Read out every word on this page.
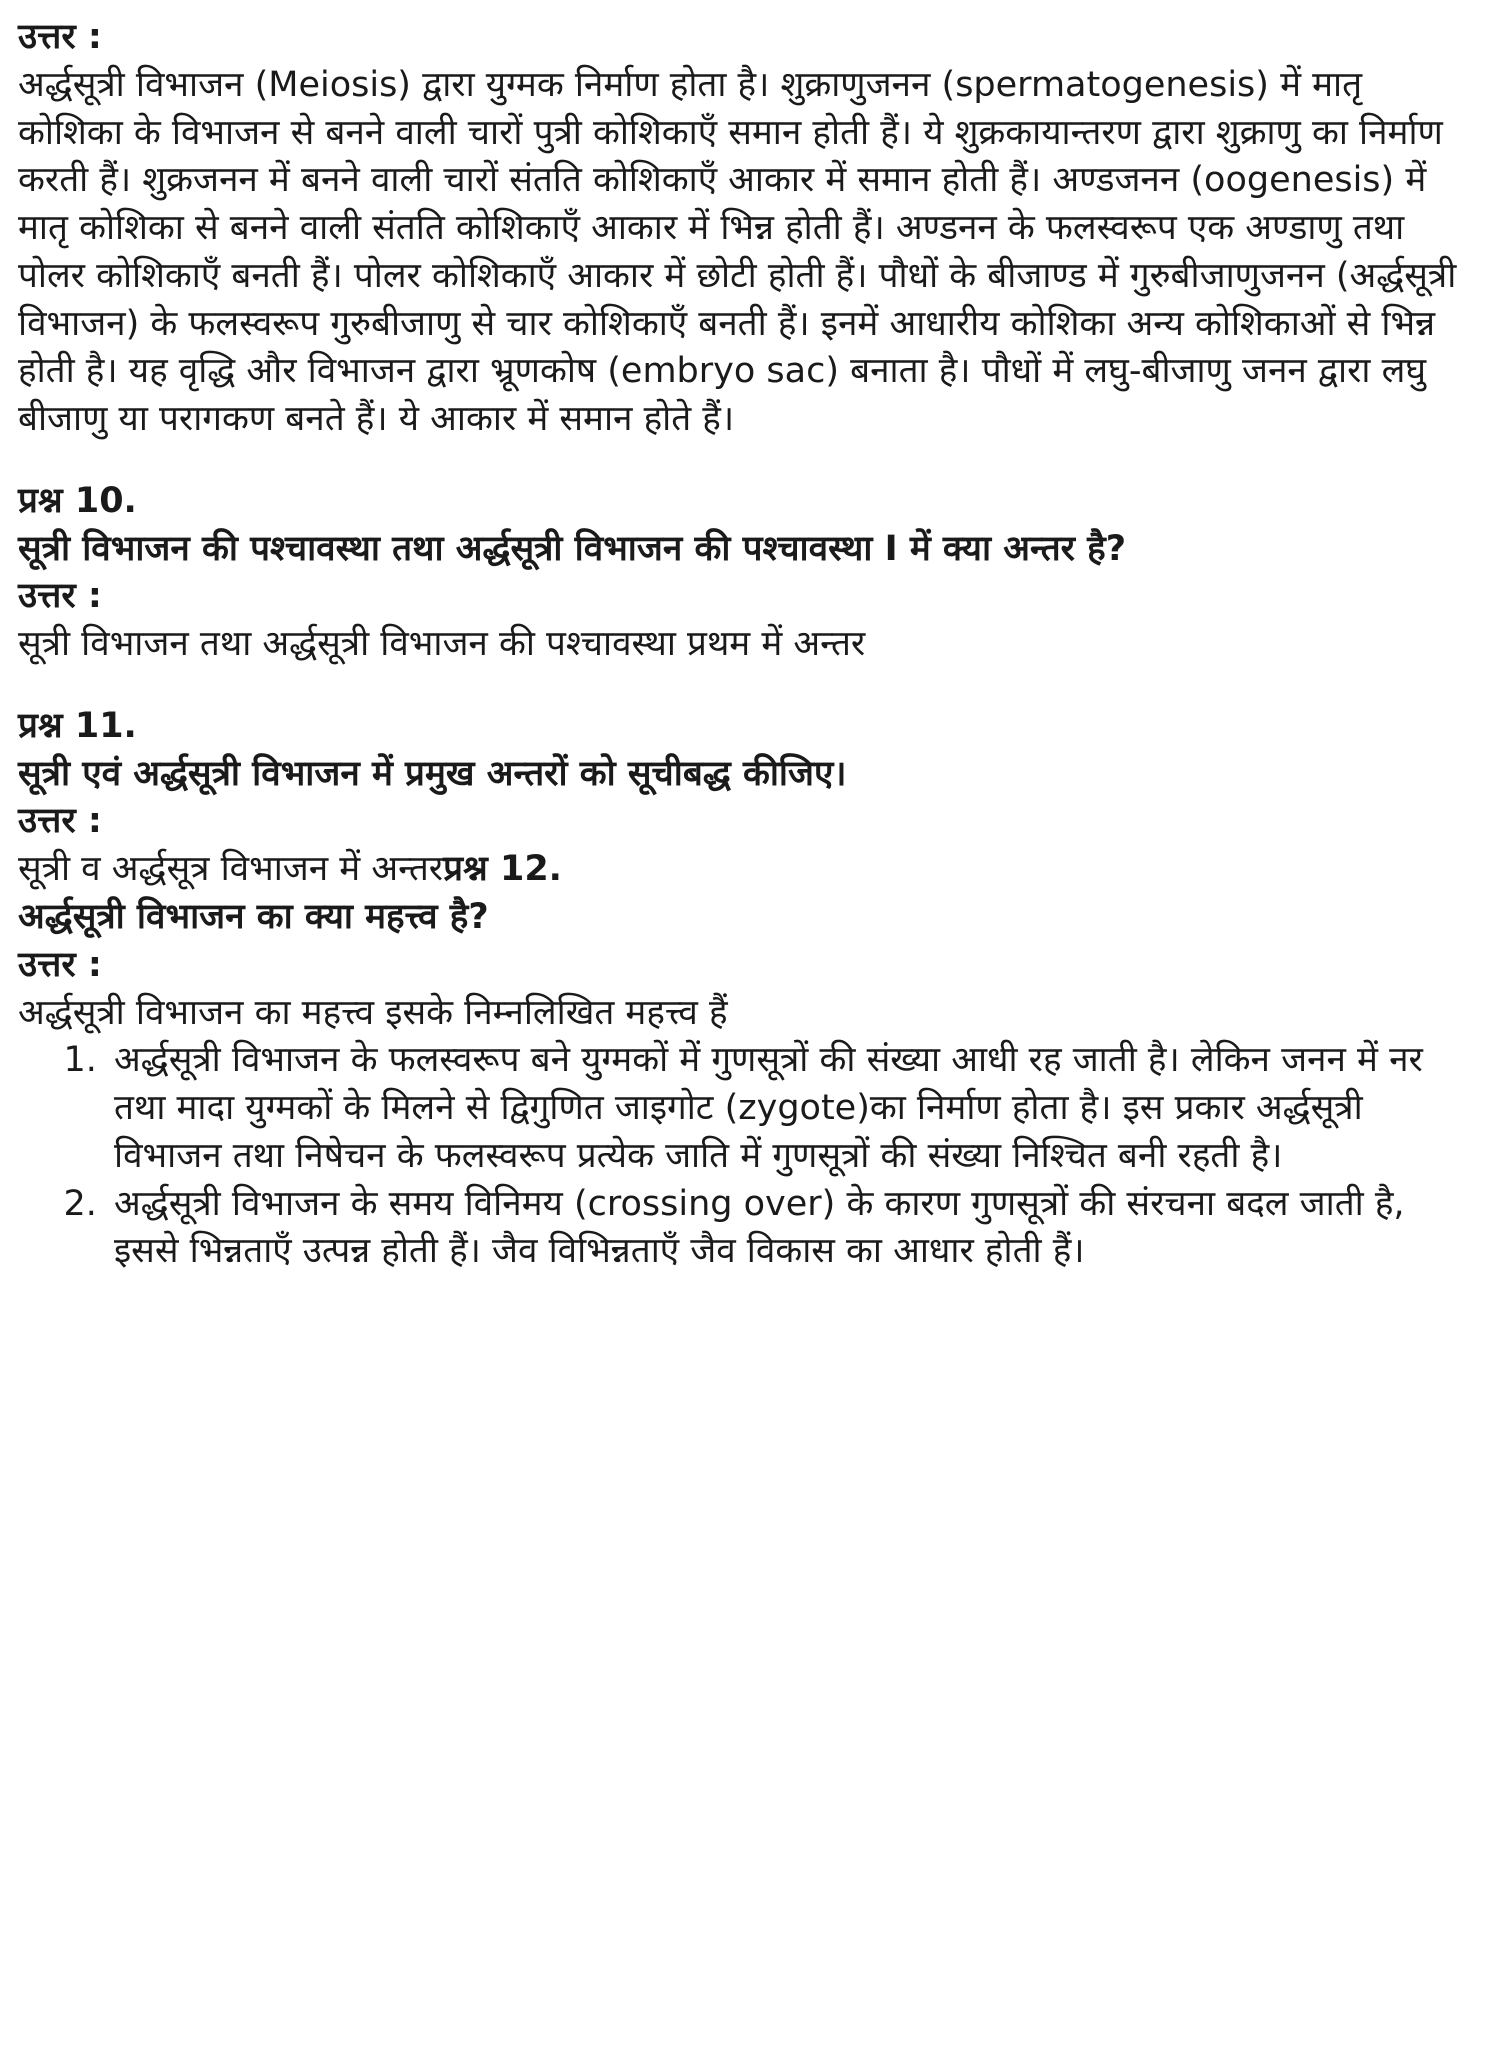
उत्तर :

अर्द्धसूत्री विभाजन (Meiosis) द्वारा युग्मक निर्माण होता है। शुक्राणुजनन (spermatogenesis) में मातृ कोशिका के विभाजन से बनने वाली चारों पुत्री कोशिकाएँ समान होती हैं। ये शुक्रकायान्तरण द्वारा शुक्राणु का निर्माण करती हैं। शुक्रजनन में बनने वाली चारों संतति कोशिकाएँ आकार में समान होती हैं। अण्डजनन (oogenesis) में मातृ कोशिका से बनने वाली संतति कोशिकाएँ आकार में भिन्न होती हैं। अण्डनन के फलस्वरूप एक अण्डाणु तथा पोलर कोशिकाएँ बनती हैं। पोलर कोशिकाएँ आकार में छोटी होती हैं। पौधों के बीजाण्ड में गुरुबीजाणुजनन (अर्द्धसूत्री विभाजन) के फलस्वरूप गुरुबीजाणु से चार कोशिकाएँ बनती हैं। इनमें आधारीय कोशिका अन्य कोशिकाओं से भिन्न होती है। यह वृद्धि और विभाजन द्वारा भ्रूणकोष (embryo sac) बनाता है। पौधों में लघु-बीजाणु जनन द्वारा लघु बीजाणु या परागकण बनते हैं। ये आकार में समान होते हैं।

प्रश्न 10.
सूत्री विभाजन की पश्चावस्था तथा अर्द्धसूत्री विभाजन की पश्चावस्था I में क्या अन्तर है?
उत्तर :

सूत्री विभाजन तथा अर्द्धसूत्री विभाजन की पश्चावस्था प्रथम में अन्तर

प्रश्न 11.
सूत्री एवं अर्द्धसूत्री विभाजन में प्रमुख अन्तरों को सूचीबद्ध कीजिए।
उत्तर :

सूत्री व अर्द्धसूत्र विभाजन में अन्तरप्रश्न 12.

अर्द्धसूत्री विभाजन का क्या महत्त्व है?
उत्तर :

अर्द्धसूत्री विभाजन का महत्त्व इसके निम्नलिखित महत्त्व हैं

1. अर्द्धसूत्री विभाजन के फलस्वरूप बने युग्मकों में गुणसूत्रों की संख्या आधी रह जाती है। लेकिन जनन में नर तथा मादा युग्मकों के मिलने से द्विगुणित जाइगोट (zygote)का निर्माण होता है। इस प्रकार अर्द्धसूत्री विभाजन तथा निषेचन के फलस्वरूप प्रत्येक जाति में गुणसूत्रों की संख्या निश्चित बनी रहती है।
2. अर्द्धसूत्री विभाजन के समय विनिमय (crossing over) के कारण गुणसूत्रों की संरचना बदल जाती है, इससे भिन्नताएँ उत्पन्न होती हैं। जैव विभिन्नताएँ जैव विकास का आधार होती हैं।
